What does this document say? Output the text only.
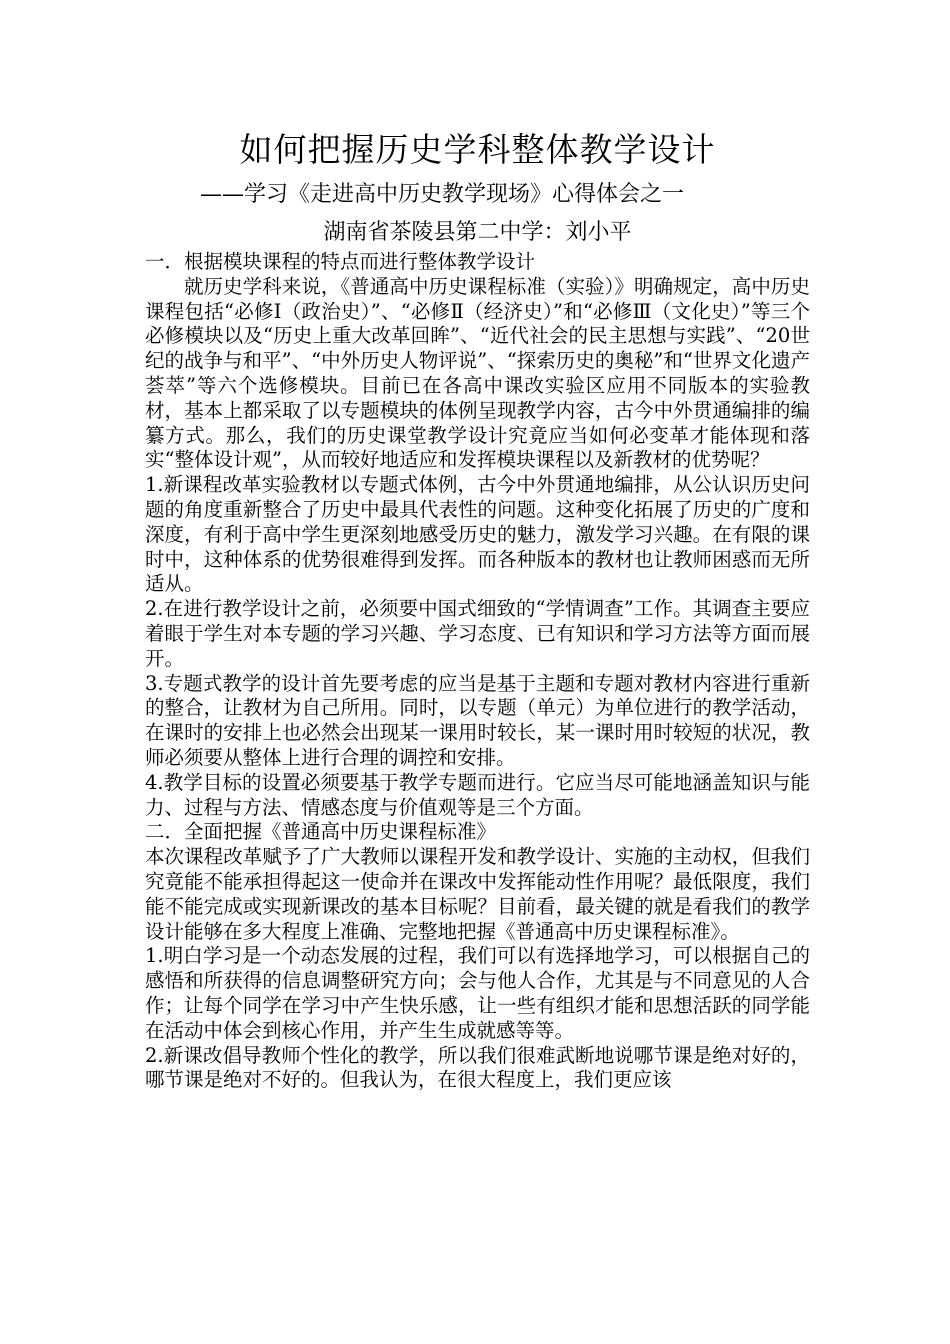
如何把握历史学科整体教学设计

——学习《走进高中历史教学现场》心得体会之一

湖南省茶陵县第二中学：刘小平

一．根据模块课程的特点而进行整体教学设计

就历史学科来说，《普通高中历史课程标准（实验）》明确规定，高中历史课程包括“必修Ⅰ（政治史）”、“必修Ⅱ（经济史）”和“必修Ⅲ（文化史）”等三个必修模块以及“历史上重大改革回眸”、“近代社会的民主思想与实践”、“20世纪的战争与和平”、“中外历史人物评说”、“探索历史的奥秘”和“世界文化遗产荟萃”等六个选修模块。目前已在各高中课改实验区应用不同版本的实验教材，基本上都采取了以专题模块的体例呈现教学内容，古今中外贯通编排的编纂方式。那么，我们的历史课堂教学设计究竟应当如何必变革才能体现和落实“整体设计观”，从而较好地适应和发挥模块课程以及新教材的优势呢？

1.新课程改革实验教材以专题式体例，古今中外贯通地编排，从公认识历史问题的角度重新整合了历史中最具代表性的问题。这种变化拓展了历史的广度和深度，有利于高中学生更深刻地感受历史的魅力，激发学习兴趣。在有限的课时中，这种体系的优势很难得到发挥。而各种版本的教材也让教师困惑而无所适从。

2.在进行教学设计之前，必须要中国式细致的“学情调查”工作。其调查主要应着眼于学生对本专题的学习兴趣、学习态度、已有知识和学习方法等方面而展开。

3.专题式教学的设计首先要考虑的应当是基于主题和专题对教材内容进行重新的整合，让教材为自己所用。同时，以专题（单元）为单位进行的教学活动，在课时的安排上也必然会出现某一课用时较长，某一课时用时较短的状况，教师必须要从整体上进行合理的调控和安排。

4.教学目标的设置必须要基于教学专题而进行。它应当尽可能地涵盖知识与能力、过程与方法、情感态度与价值观等是三个方面。

二．全面把握《普通高中历史课程标准》

本次课程改革赋予了广大教师以课程开发和教学设计、实施的主动权，但我们究竟能不能承担得起这一使命并在课改中发挥能动性作用呢？最低限度，我们能不能完成或实现新课改的基本目标呢？目前看，最关键的就是看我们的教学设计能够在多大程度上准确、完整地把握《普通高中历史课程标准》。

1.明白学习是一个动态发展的过程，我们可以有选择地学习，可以根据自己的感悟和所获得的信息调整研究方向；会与他人合作，尤其是与不同意见的人合作；让每个同学在学习中产生快乐感，让一些有组织才能和思想活跃的同学能在活动中体会到核心作用，并产生生成就感等等。

2.新课改倡导教师个性化的教学，所以我们很难武断地说哪节课是绝对好的，哪节课是绝对不好的。但我认为，在很大程度上，我们更应该
